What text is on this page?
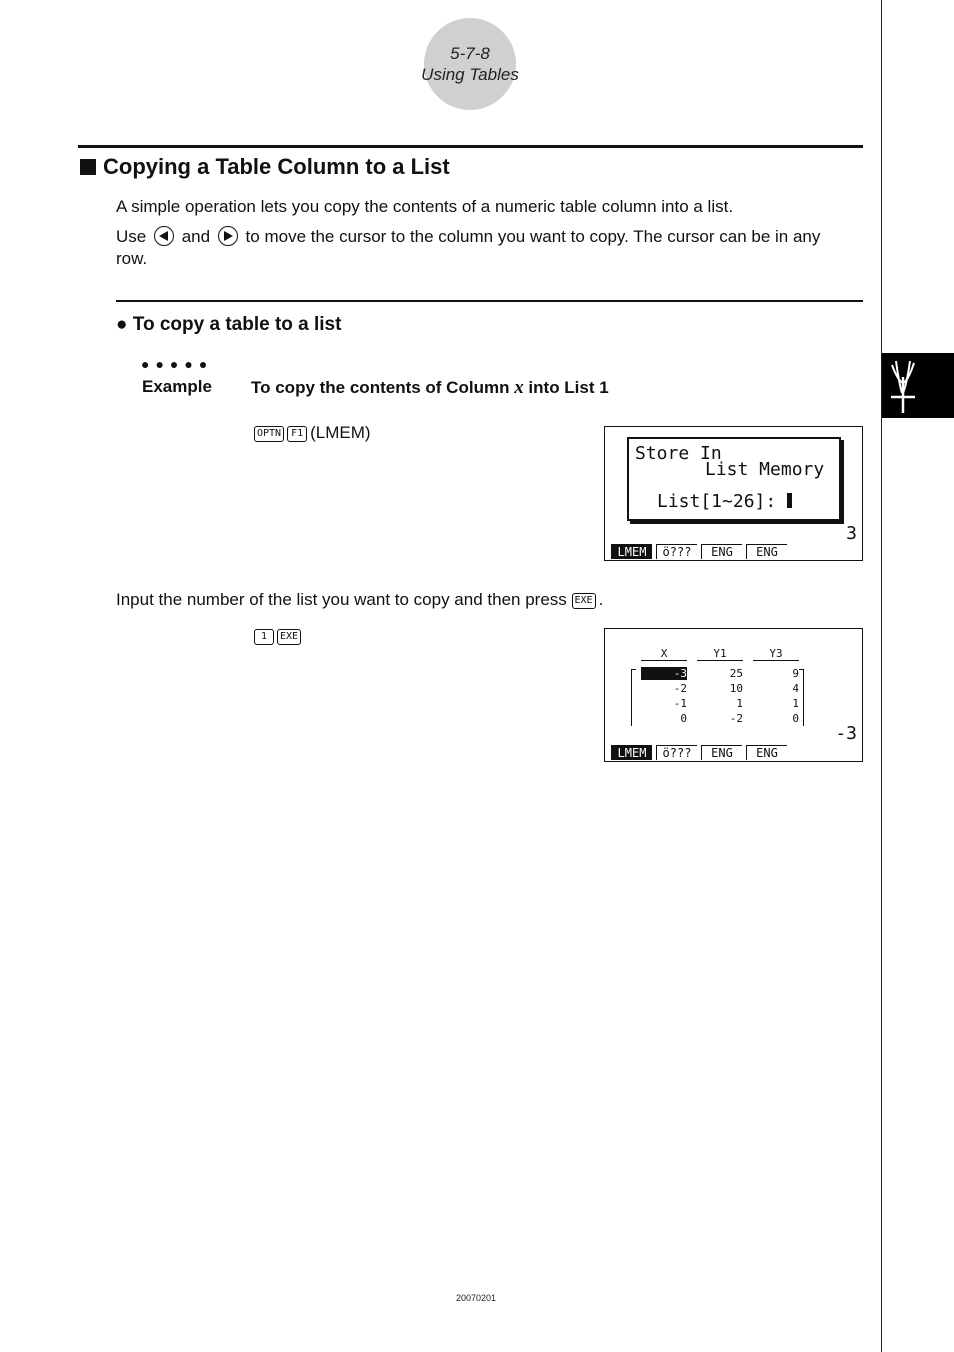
5-7-8
Using Tables
Copying a Table Column to a List
A simple operation lets you copy the contents of a numeric table column into a list.
Use and to move the cursor to the column you want to copy. The cursor can be in any row.
● To copy a table to a list
●●●●●
Example To copy the contents of Column x into List 1
OPTN F1 (LMEM)
Store In
List Memory
List[1~26]:
3
LMEM	ö???	ENG	ENG
Input the number of the list you want to copy and then press EXE .
1 EXE
X	Y1	Y3
-3	25	9
-2	10	4
-1	1	1
0	-2	0
-3
LMEM	ö???	ENG	ENG
20070201
